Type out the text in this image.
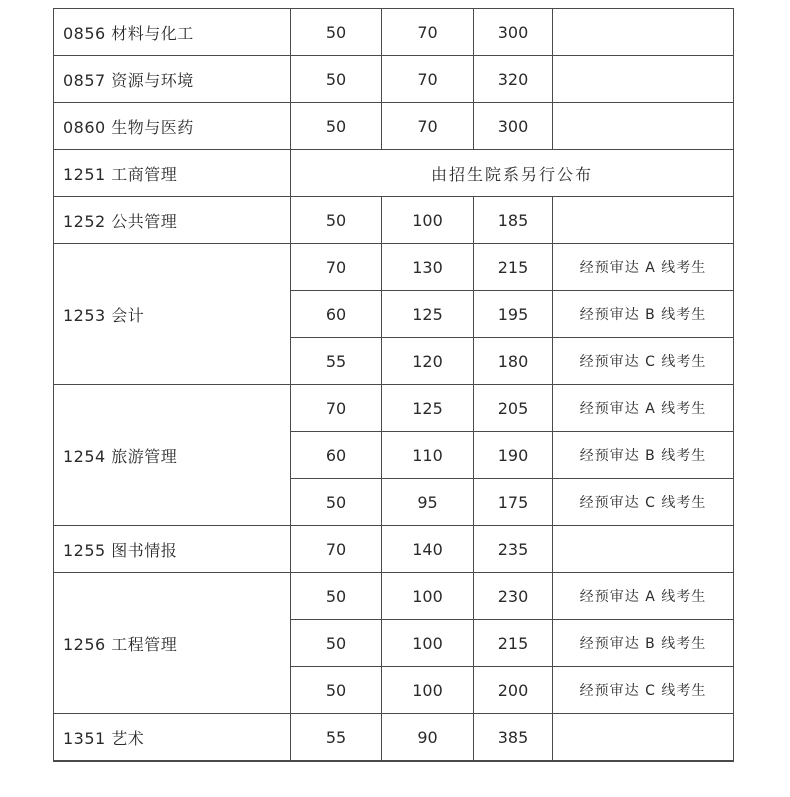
0856 材料与化工	50	70	300	
0857 资源与环境	50	70	320	
0860 生物与医药	50	70	300	
1251 工商管理	由招生院系另行公布			
1252 公共管理	50	100	185	
1253 会计	70	130	215	经预审达 A 线考生
	60	125	195	经预审达 B 线考生
	55	120	180	经预审达 C 线考生
1254 旅游管理	70	125	205	经预审达 A 线考生
	60	110	190	经预审达 B 线考生
	50	95	175	经预审达 C 线考生
1255 图书情报	70	140	235	
1256 工程管理	50	100	230	经预审达 A 线考生
	50	100	215	经预审达 B 线考生
	50	100	200	经预审达 C 线考生
1351 艺术	55	90	385	
